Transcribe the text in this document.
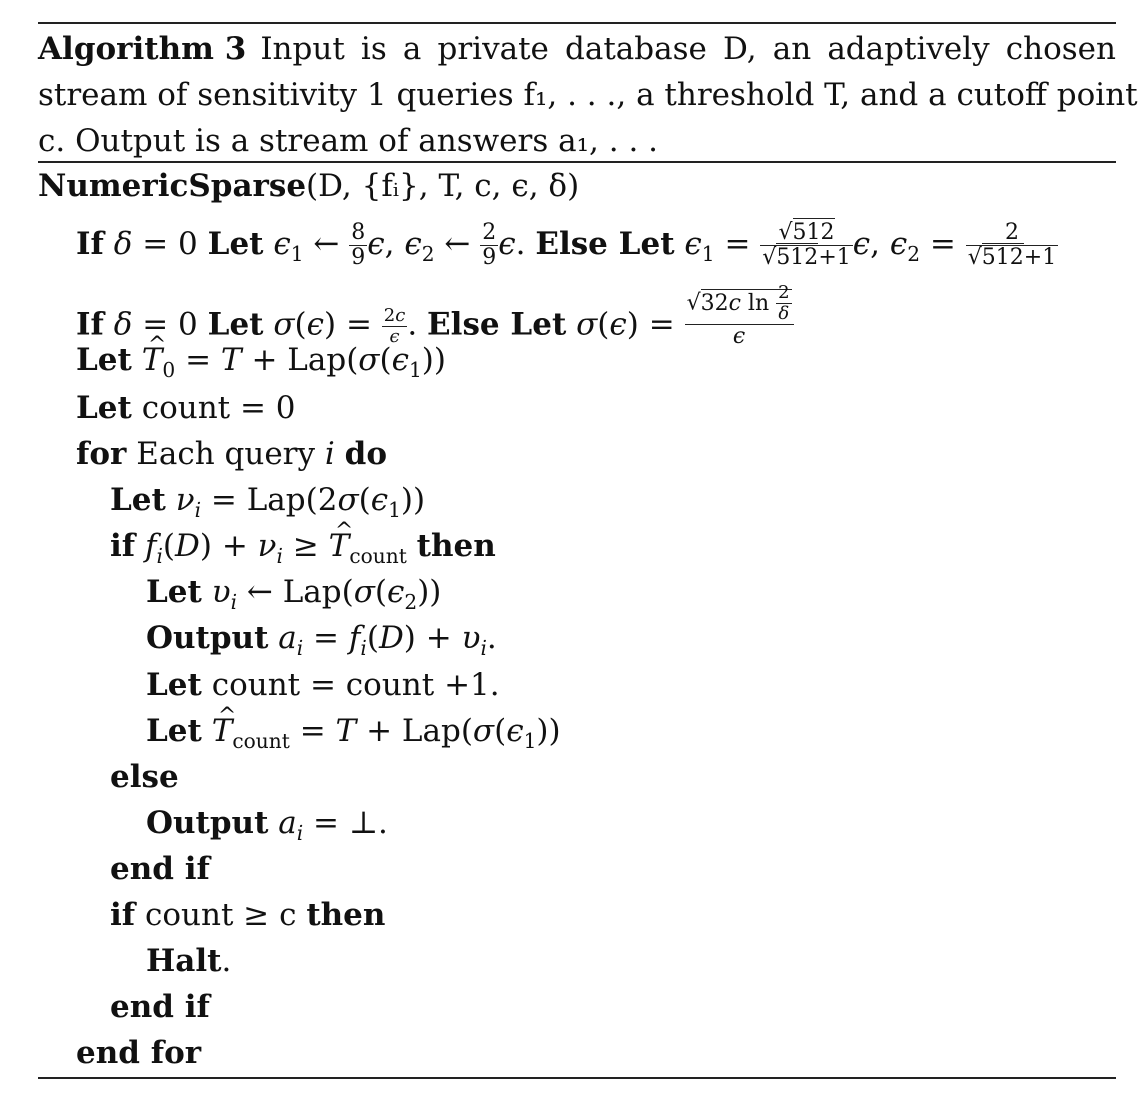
Algorithm 3 Input is a private database D, an adaptively chosen
stream of sensitivity 1 queries f₁, . . ., a threshold T, and a cutoff point
c. Output is a stream of answers a₁, . . .
NumericSparse(D, {fᵢ}, T, c, ϵ, δ)
If δ = 0 Let $\epsilon_1$ ← $\frac{8}{9} \epsilon$, $\epsilon_2$ ← $\frac{2}{9} \epsilon$. Else Let $\epsilon_1 = \frac{√512}{√512+1} \epsilon$, $\epsilon_2 = \frac{2}{√512+1}$
If δ = 0 Let $\sigma(\epsilon) = \frac{2c}{\epsilon}$ . Else Let $\sigma(\epsilon) = \frac{√32c \ln \frac{2}{\delta}}{\epsilon}$
Let ^ $T_0 = T + Lap(\sigma(\epsilon_1))$
Let count = 0
for Each query i do
Let $\nu_i = Lap(2\sigma(\epsilon_1))$
if $f_i(D) + \nu_i$ ≥ ^ $T_{count}$ then
Let $\upsilon_i$ ← $Lap(\sigma(\epsilon_2))$
Output $a_i = f_i(D) + \upsilon_i$.
Let count = count +1.
Let ^ $T_{count} = T + Lap(\sigma(\epsilon_1))$
else
Output $a_i$ = ⊥.
end if
if count ≥ c then
Halt.
end if
end for
